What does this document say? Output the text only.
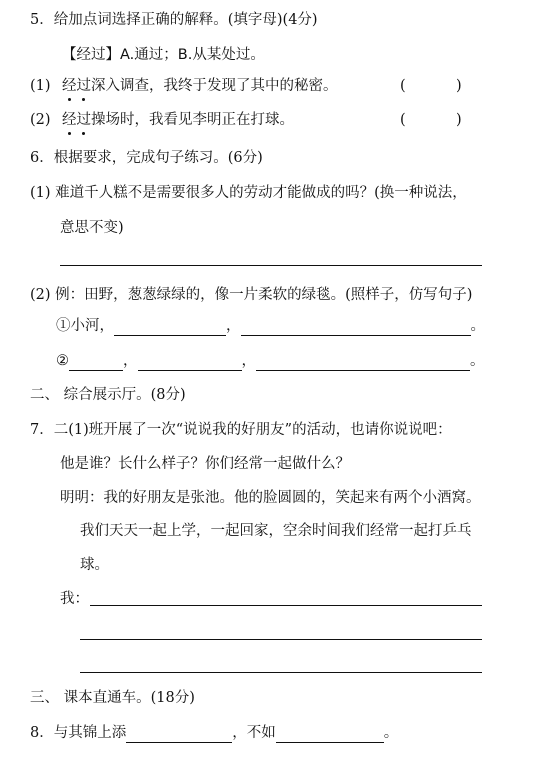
5．给加点词选择正确的解释。(填字母)(4分)
【经过】A.通过；B.从某处过。
(1) 经过深入调查，我终于发现了其中的秘密。	(	)
(2) 经过操场时，我看见李明正在打球。	(	)
6．根据要求，完成句子练习。(6分)
(1) 难道千人糕不是需要很多人的劳动才能做成的吗？(换一种说法，
意思不变)
(2) 例：田野，葱葱绿绿的，像一片柔软的绿毯。(照样子，仿写句子)
①小河，	，	。
②	，	，	。
二、 综合展示厅。(8分)
7．二(1)班开展了一次“说说我的好朋友”的活动，也请你说说吧：
他是谁？长什么样子？你们经常一起做什么？
明明：我的好朋友是张池。他的脸圆圆的，笑起来有两个小酒窝。
我们天天一起上学，一起回家，空余时间我们经常一起打乒乓
球。
我：
三、 课本直通车。(18分)
8．与其锦上添	，不如	。
